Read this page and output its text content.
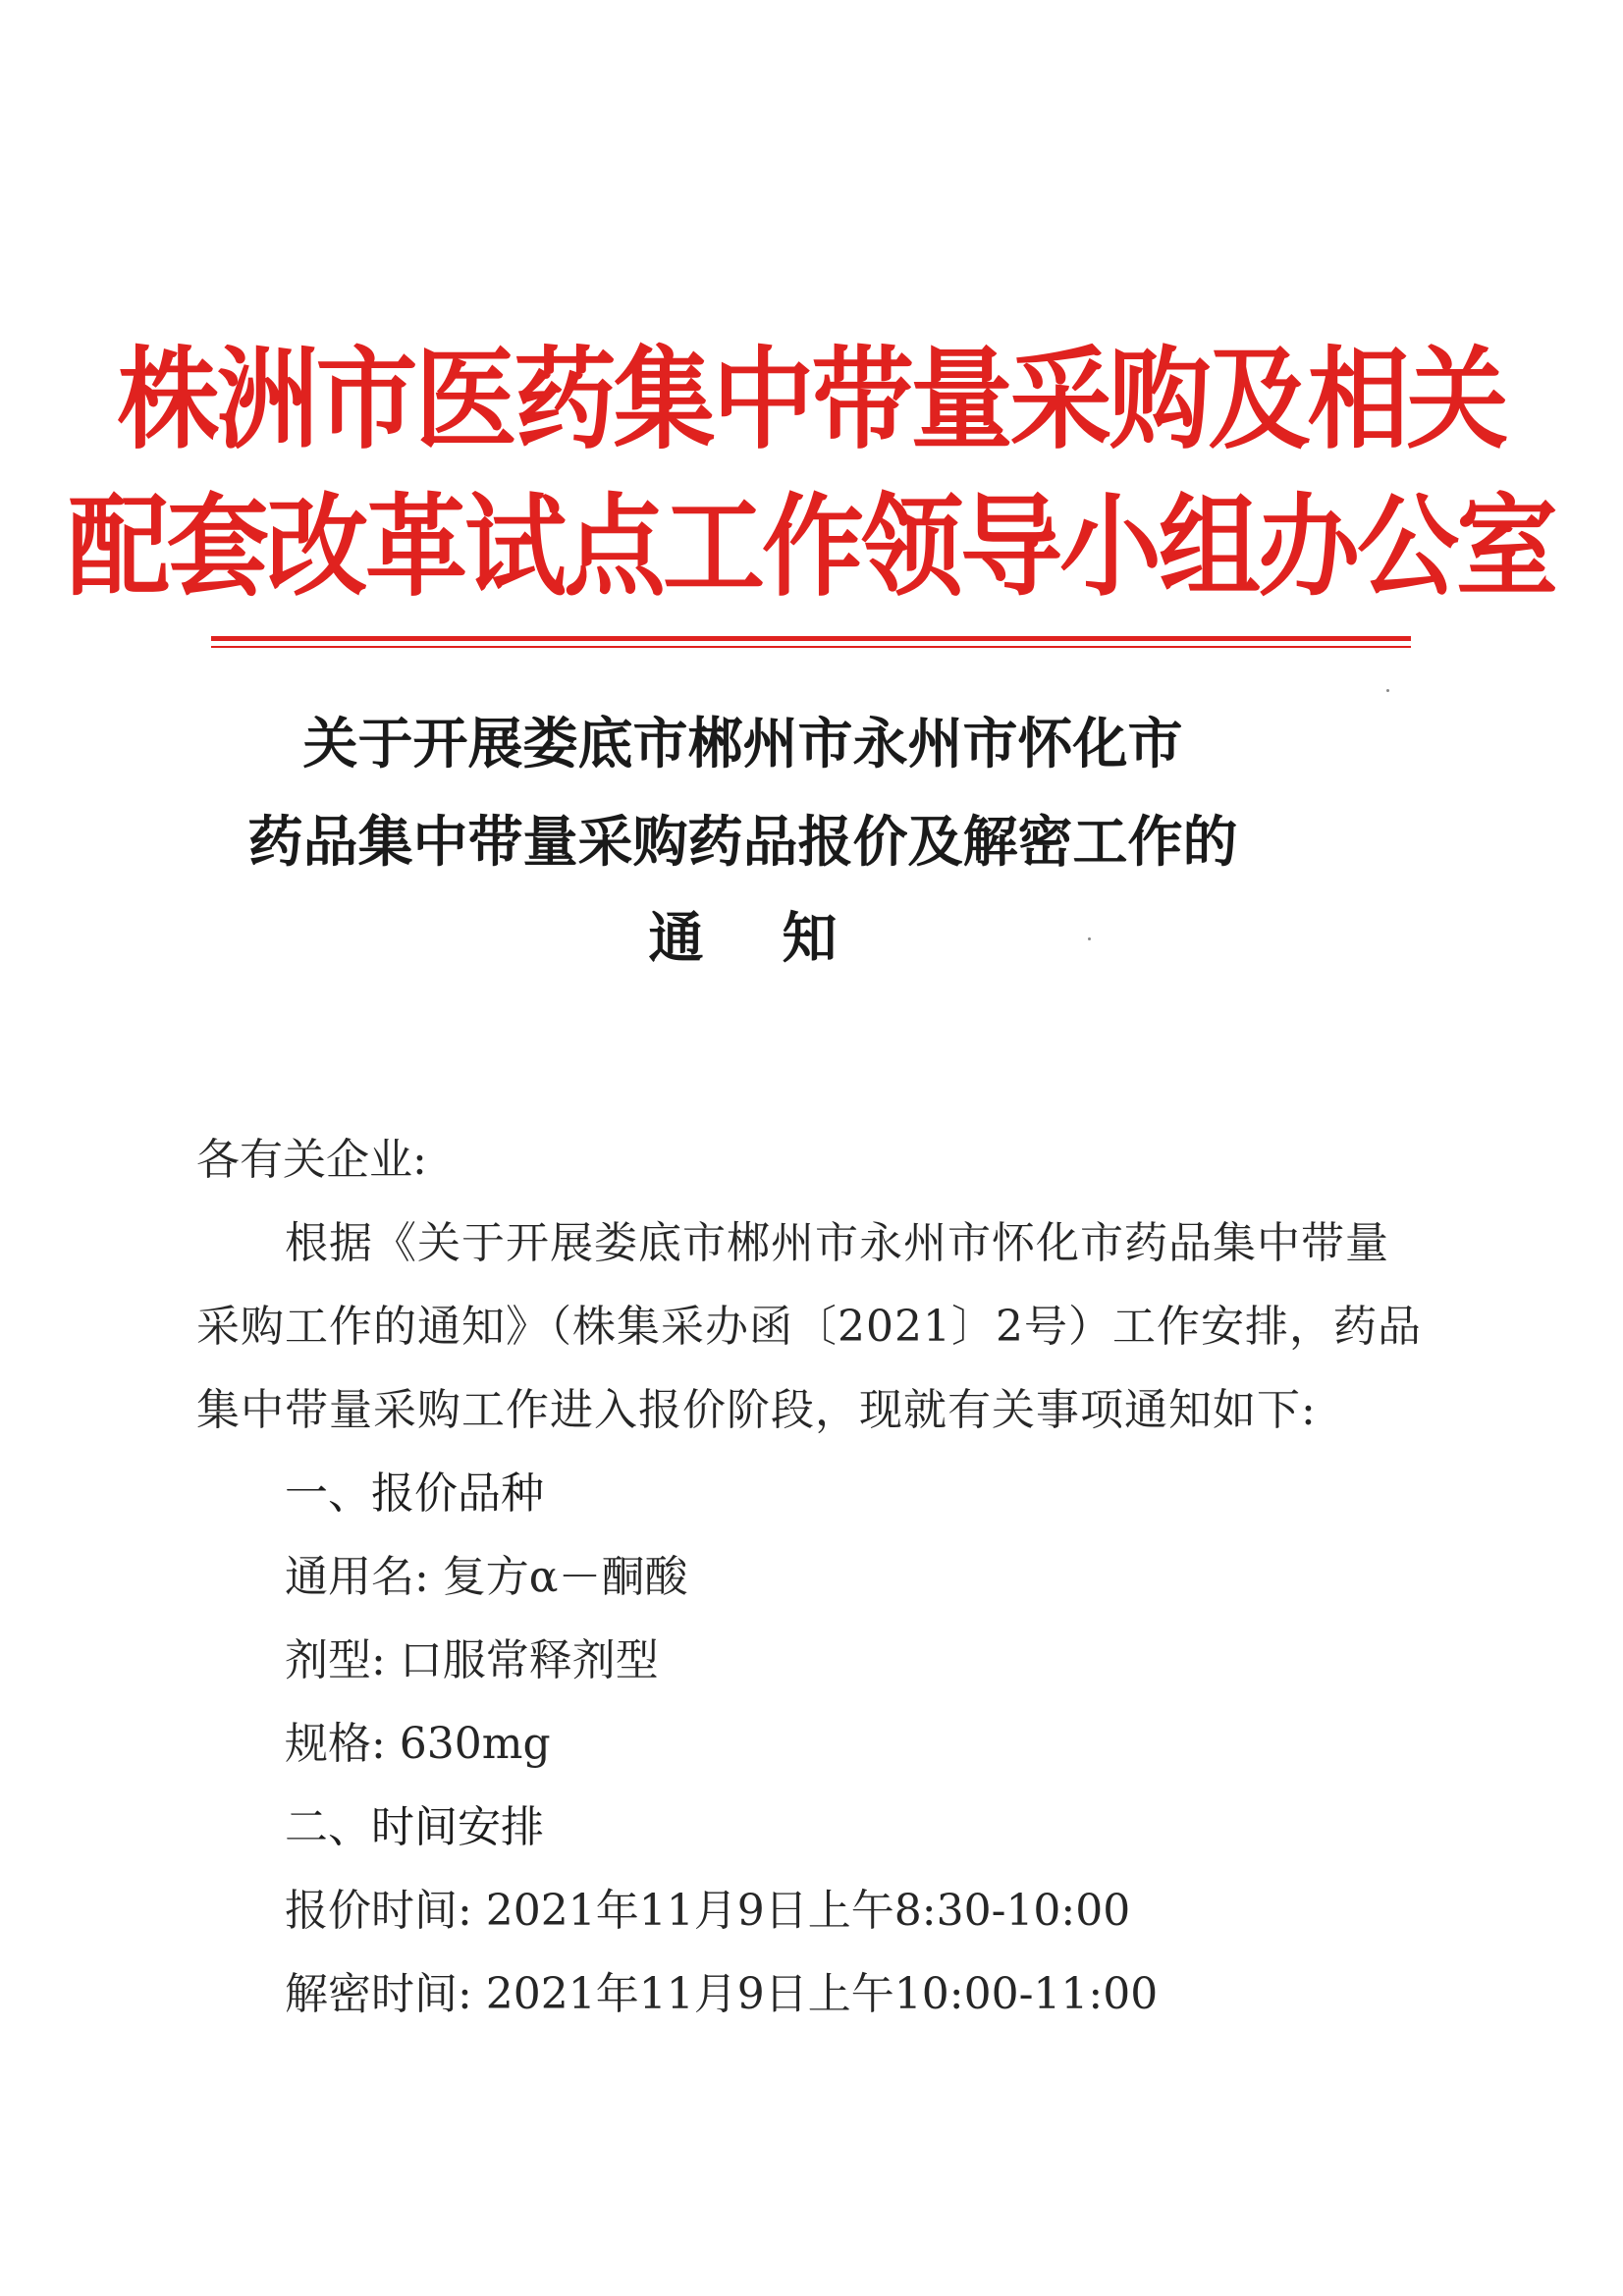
株洲市医药集中带量采购及相关
配套改革试点工作领导小组办公室
关于开展娄底市郴州市永州市怀化市
药品集中带量采购药品报价及解密工作的
通知
各有关企业:
根据《关于开展娄底市郴州市永州市怀化市药品集中带量
采购工作的通知》（株集采办函〔2021〕2号）工作安排，药品
集中带量采购工作进入报价阶段，现就有关事项通知如下:
一、报价品种
通用名: 复方α－酮酸
剂型: 口服常释剂型
规格: 630mg
二、时间安排
报价时间: 2021年11月9日上午8:30-10:00
解密时间: 2021年11月9日上午10:00-11:00
